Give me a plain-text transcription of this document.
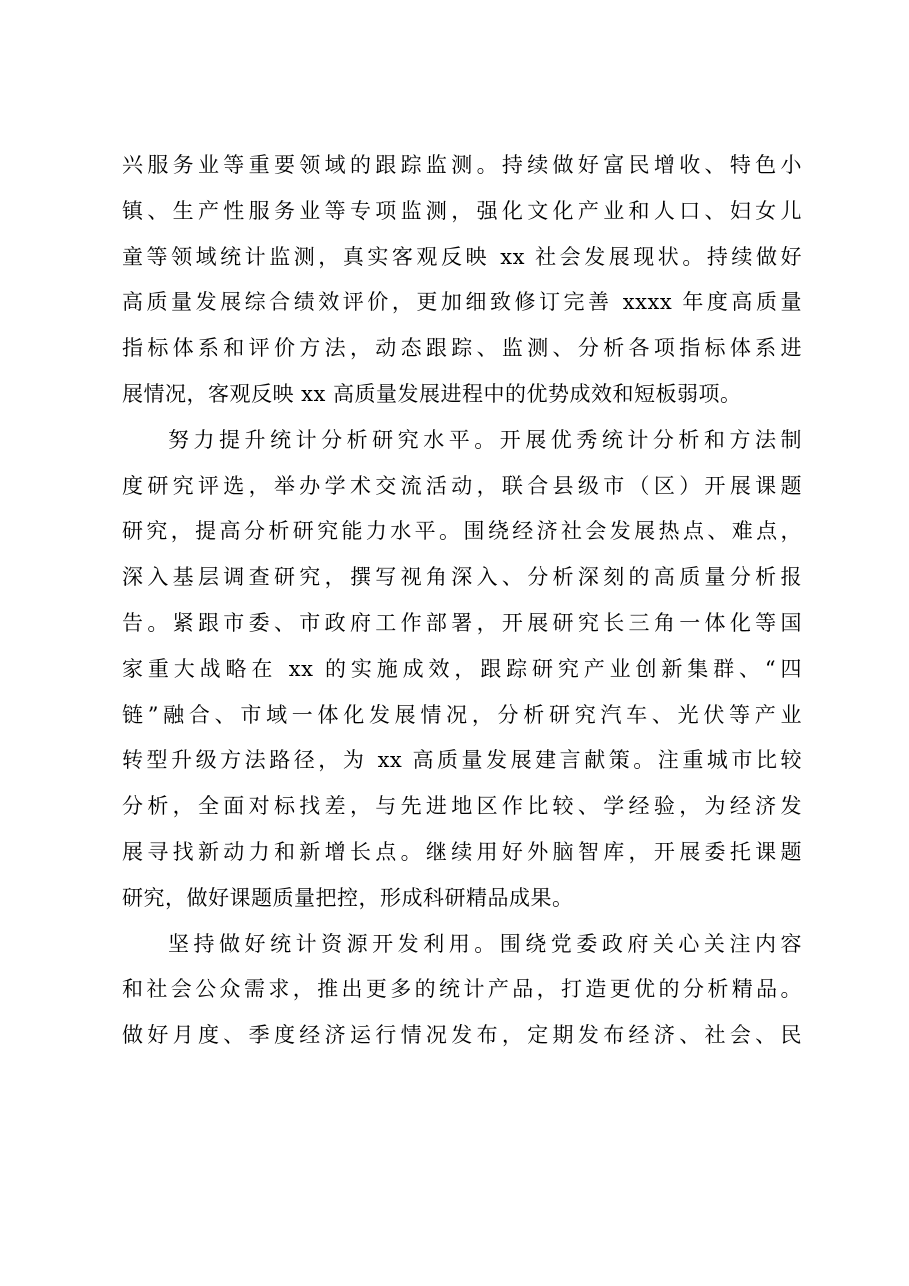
兴服务业等重要领域的跟踪监测。持续做好富民增收、特色小
镇、生产性服务业等专项监测，强化文化产业和人口、妇女儿
童等领域统计监测，真实客观反映 xx 社会发展现状。持续做好
高质量发展综合绩效评价，更加细致修订完善 xxxx 年度高质量
指标体系和评价方法，动态跟踪、监测、分析各项指标体系进
展情况，客观反映 xx 高质量发展进程中的优势成效和短板弱项。
努力提升统计分析研究水平。开展优秀统计分析和方法制
度研究评选，举办学术交流活动，联合县级市（区）开展课题
研究，提高分析研究能力水平。围绕经济社会发展热点、难点，
深入基层调查研究，撰写视角深入、分析深刻的高质量分析报
告。紧跟市委、市政府工作部署，开展研究长三角一体化等国
家重大战略在 xx 的实施成效，跟踪研究产业创新集群、“四
链”融合、市域一体化发展情况，分析研究汽车、光伏等产业
转型升级方法路径，为 xx 高质量发展建言献策。注重城市比较
分析，全面对标找差，与先进地区作比较、学经验，为经济发
展寻找新动力和新增长点。继续用好外脑智库，开展委托课题
研究，做好课题质量把控，形成科研精品成果。
坚持做好统计资源开发利用。围绕党委政府关心关注内容
和社会公众需求，推出更多的统计产品，打造更优的分析精品。
做好月度、季度经济运行情况发布，定期发布经济、社会、民
